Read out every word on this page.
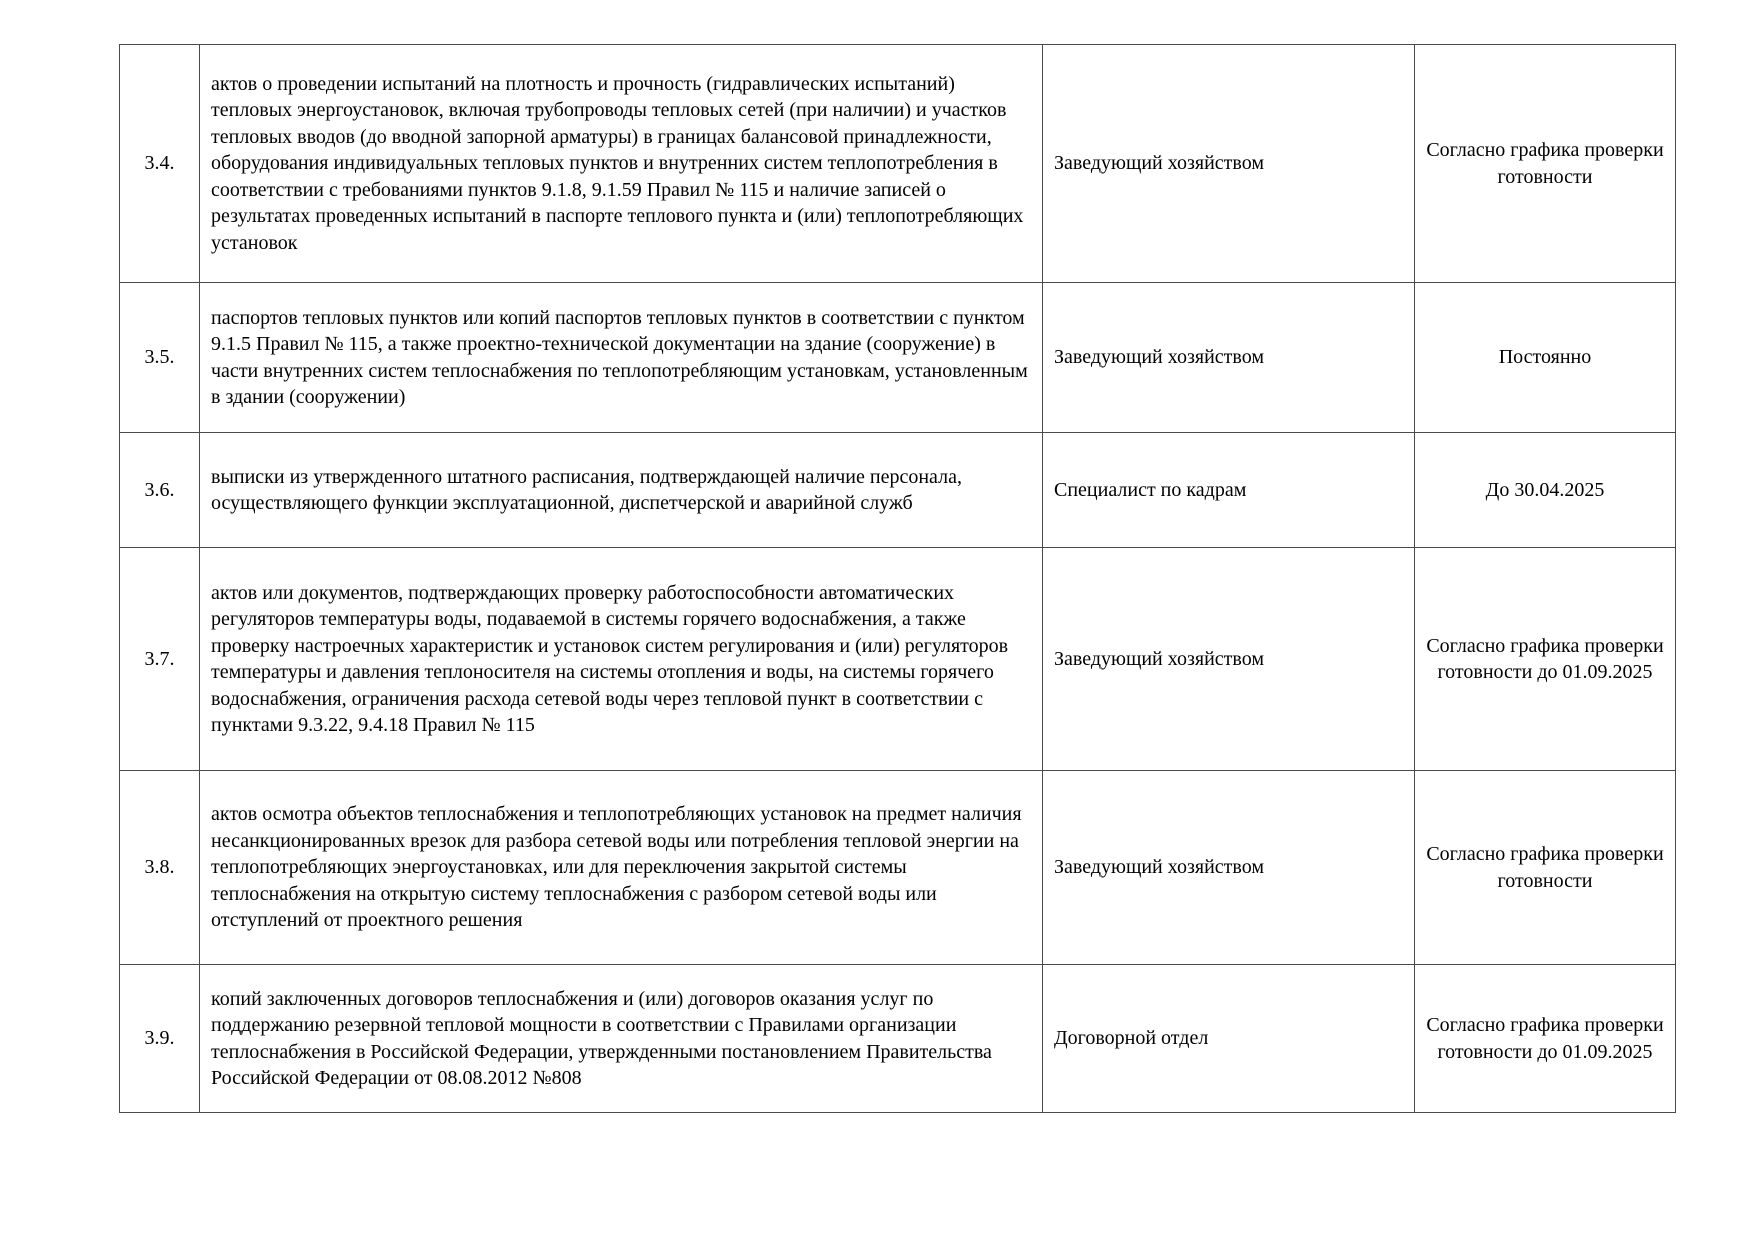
3.4.	актов о проведении испытаний на плотность и прочность (гидравлических испытаний) тепловых энергоустановок, включая трубопроводы тепловых сетей (при наличии) и участков тепловых вводов (до вводной запорной арматуры) в границах балансовой принадлежности, оборудования индивидуальных тепловых пунктов и внутренних систем теплопотребления в соответствии с требованиями пунктов 9.1.8, 9.1.59 Правил № 115 и наличие записей о результатах проведенных испытаний в паспорте теплового пункта и (или) теплопотребляющих установок	Заведующий хозяйством	Согласно графика проверки готовности
3.5.	паспортов тепловых пунктов или копий паспортов тепловых пунктов в соответствии с пунктом 9.1.5 Правил № 115, а также проектно-технической документации на здание (сооружение) в части внутренних систем теплоснабжения по теплопотребляющим установкам, установленным в здании (сооружении)	Заведующий хозяйством	Постоянно
3.6.	выписки из утвержденного штатного расписания, подтверждающей наличие персонала, осуществляющего функции эксплуатационной, диспетчерской и аварийной служб	Специалист по кадрам	До 30.04.2025
3.7.	актов или документов, подтверждающих проверку работоспособности автоматических регуляторов температуры воды, подаваемой в системы горячего водоснабжения, а также проверку настроечных характеристик и установок систем регулирования и (или) регуляторов температуры и давления теплоносителя на системы отопления и воды, на системы горячего водоснабжения, ограничения расхода сетевой воды через тепловой пункт в соответствии с пунктами 9.3.22, 9.4.18 Правил № 115	Заведующий хозяйством	Согласно графика проверки готовности до 01.09.2025
3.8.	актов осмотра объектов теплоснабжения и теплопотребляющих установок на предмет наличия несанкционированных врезок для разбора сетевой воды или потребления тепловой энергии на теплопотребляющих энергоустановках, или для переключения закрытой системы теплоснабжения на открытую систему теплоснабжения с разбором сетевой воды или отступлений от проектного решения	Заведующий хозяйством	Согласно графика проверки готовности
3.9.	копий заключенных договоров теплоснабжения и (или) договоров оказания услуг по поддержанию резервной тепловой мощности в соответствии с Правилами организации теплоснабжения в Российской Федерации, утвержденными постановлением Правительства Российской Федерации от 08.08.2012 №808	Договорной отдел	Согласно графика проверки готовности до 01.09.2025
